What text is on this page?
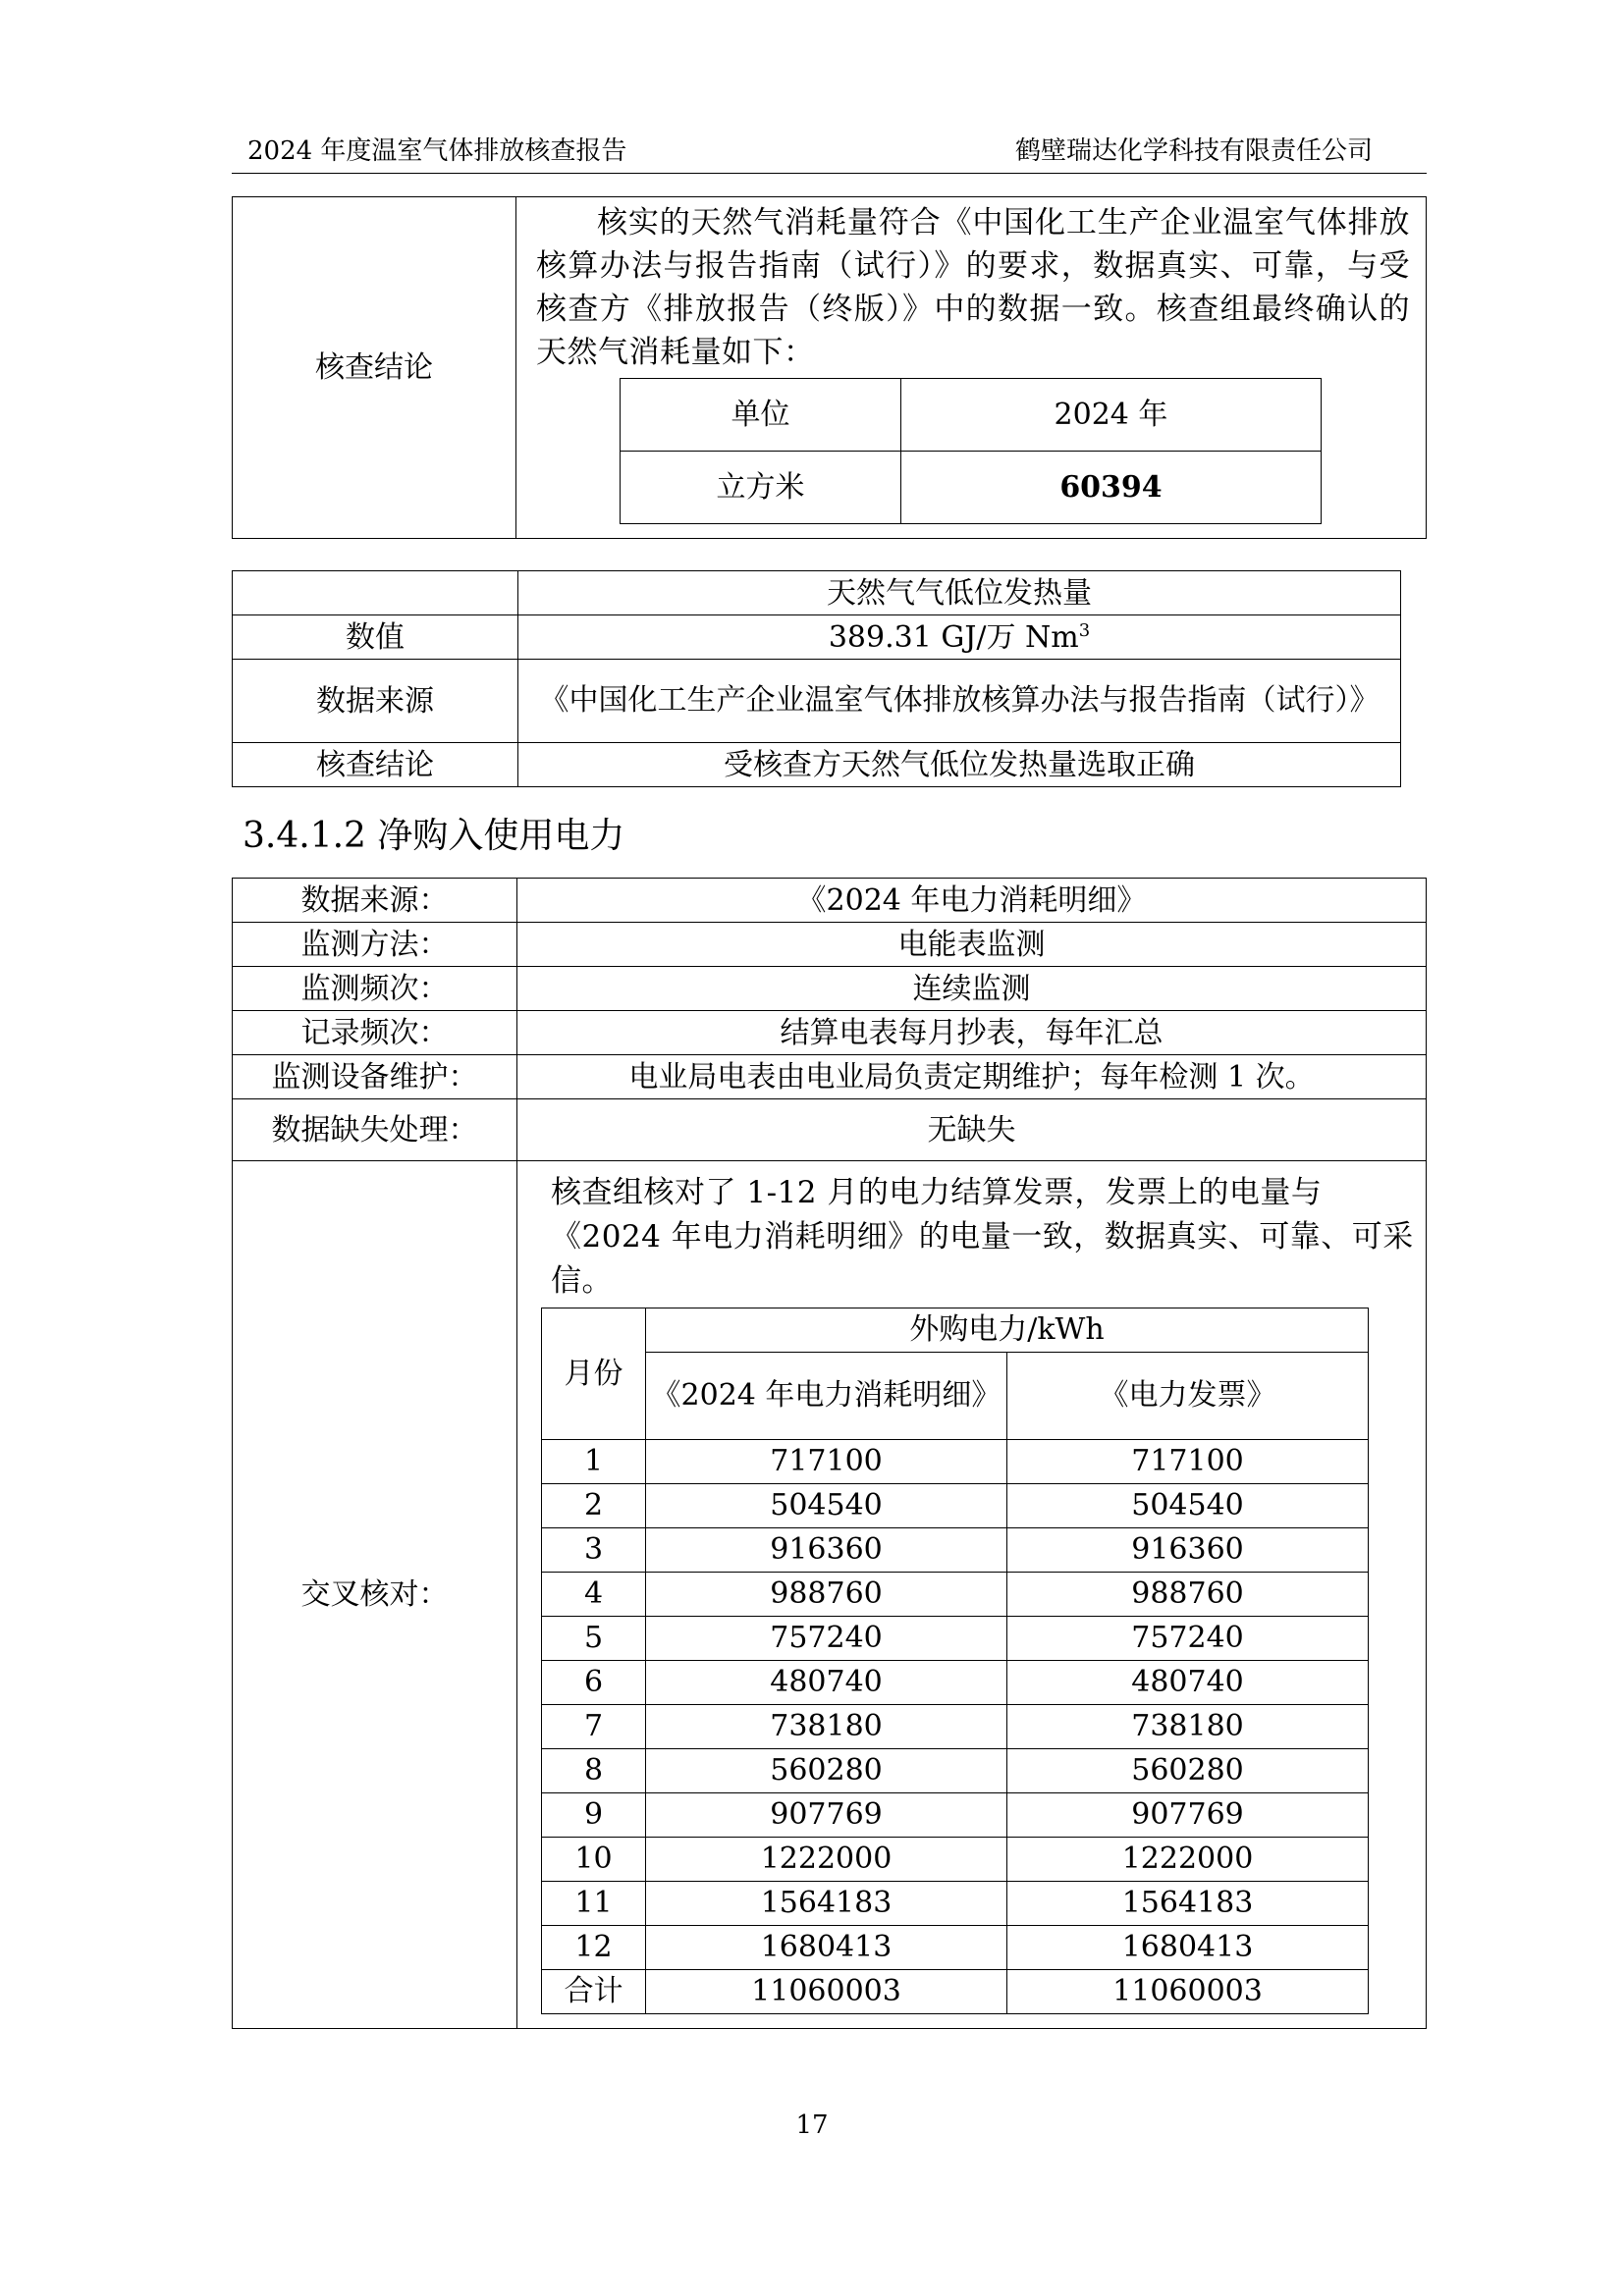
2024 年度温室气体排放核查报告	鹤壁瑞达化学科技有限责任公司
核查结论	
核实的天然气消耗量符合《中国化工生产企业温室气体排放核算办法与报告指南（试行）》的要求，数据真实、可靠，与受核查方《排放报告（终版）》中的数据一致。核查组最终确认的天然气消耗量如下：
单位	2024 年
立方米	60394
	天然气气低位发热量
数值	389.31 GJ/万 Nm$^3$
数据来源	《中国化工生产企业温室气体排放核算办法与报告指南（试行）》
核查结论	受核查方天然气低位发热量选取正确
3.4.1.2 净购入使用电力
数据来源：	《2024 年电力消耗明细》
监测方法：	电能表监测
监测频次：	连续监测
记录频次：	结算电表每月抄表，每年汇总
监测设备维护：	电业局电表由电业局负责定期维护；每年检测 1 次。
数据缺失处理：	无缺失
交叉核对：	
核查组核对了 1-12 月的电力结算发票，发票上的电量与《2024 年电力消耗明细》的电量一致，数据真实、可靠、可采信。
月份	外购电力/kWh
《2024 年电力消耗明细》	《电力发票》
1	717100	717100
2	504540	504540
3	916360	916360
4	988760	988760
5	757240	757240
6	480740	480740
7	738180	738180
8	560280	560280
9	907769	907769
10	1222000	1222000
11	1564183	1564183
12	1680413	1680413
合计	11060003	11060003
17
